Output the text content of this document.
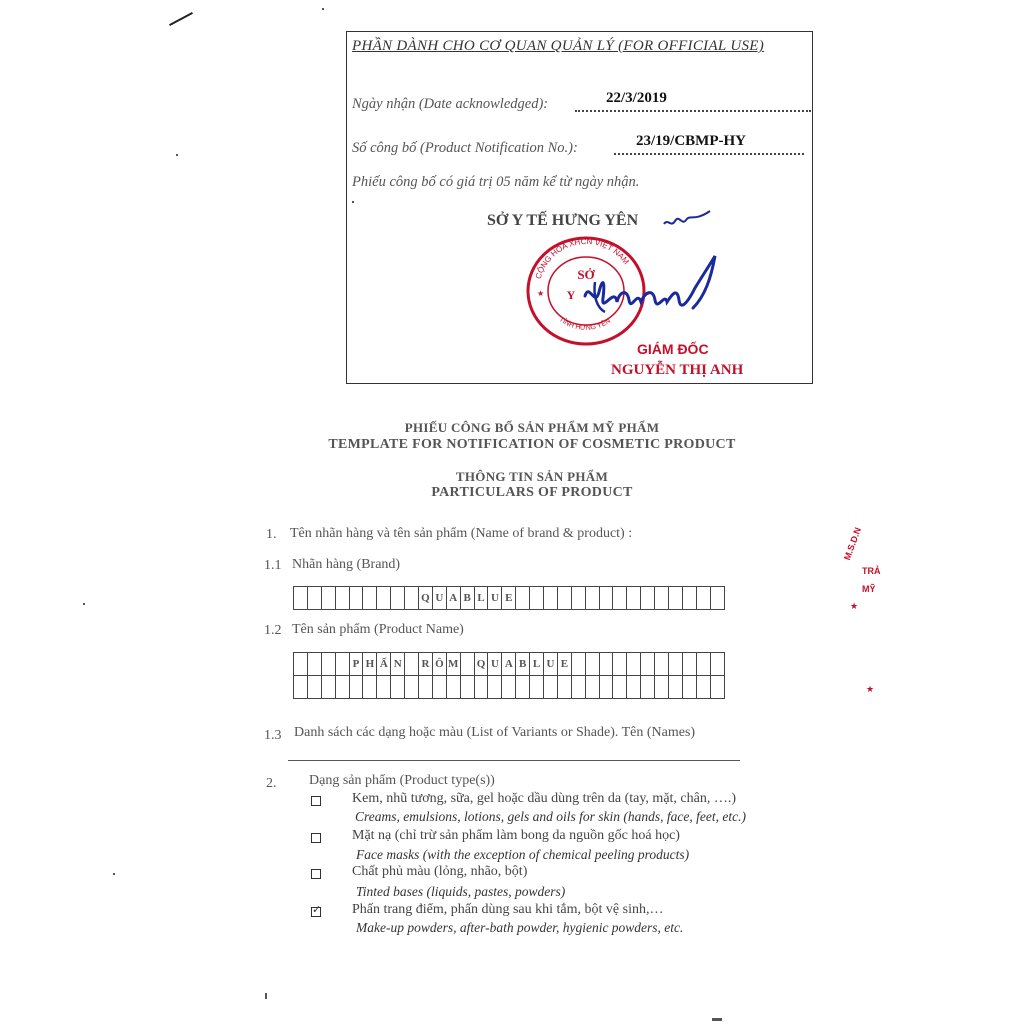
PHẦN DÀNH CHO CƠ QUAN QUẢN LÝ (FOR OFFICIAL USE)
Ngày nhận (Date acknowledged):	22/3/2019
Số công bố (Product Notification No.):	23/19/CBMP-HY
Phiếu công bố có giá trị 05 năm kể từ ngày nhận.
SỞ Y TẾ HƯNG YÊN
CỘNG HÒA XHCN VIỆT NAM
TỈNH HƯNG YÊN
SỞ
Y
★
GIÁM ĐỐC
NGUYỄN THỊ ANH
PHIẾU CÔNG BỐ SẢN PHẨM MỸ PHẨM
TEMPLATE FOR NOTIFICATION OF COSMETIC PRODUCT
THÔNG TIN SẢN PHẨM
PARTICULARS OF PRODUCT
1. Tên nhãn hàng và tên sản phẩm (Name of brand & product) :
1.1 Nhãn hàng (Brand)
Q U A B L U E
1.2 Tên sản phẩm (Product Name)
P H Ấ N	R Ô M Q U A B L U E
1.3 Danh sách các dạng hoặc màu (List of Variants or Shade). Tên (Names)
2. Dạng sản phẩm (Product type(s))
Kem, nhũ tương, sữa, gel hoặc dầu dùng trên da (tay, mặt, chân, ….)
Creams, emulsions, lotions, gels and oils for skin (hands, face, feet, etc.)
Mặt nạ (chỉ trừ sản phẩm làm bong da nguồn gốc hoá học)
Face masks (with the exception of chemical peeling products)
Chất phủ màu (lỏng, nhão, bột)
Tinted bases (liquids, pastes, powders)
✓
Phấn trang điểm, phấn dùng sau khi tắm, bột vệ sinh,…
Make-up powders, after-bath powder, hygienic powders, etc.
M.S.D.N
TRẢ
MỸ
★
★
